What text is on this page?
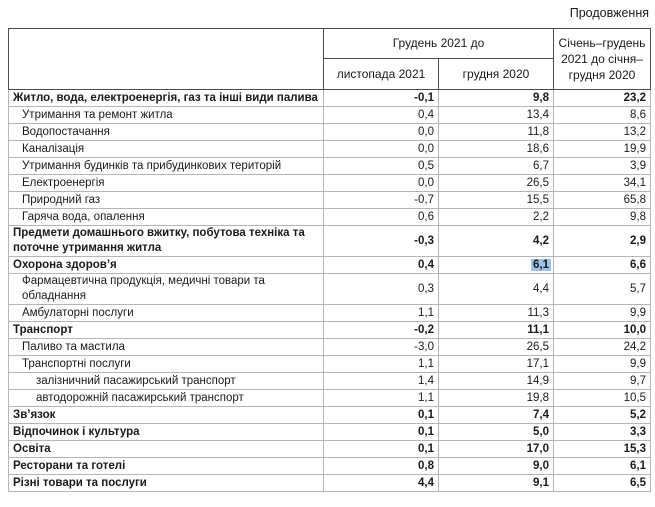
Продовження
	Грудень 2021 до		Січень–грудень 2021 до січня–грудня 2020
	листопада 2021	грудня 2020	
Житло, вода, електроенергія, газ та інші види палива	-0,1	9,8	23,2
Утримання та ремонт житла	0,4	13,4	8,6
Водопостачання	0,0	11,8	13,2
Каналізація	0,0	18,6	19,9
Утримання будинків та прибудинкових територій	0,5	6,7	3,9
Електроенергія	0,0	26,5	34,1
Природний газ	-0,7	15,5	65,8
Гаряча вода, опалення	0,6	2,2	9,8
Предмети домашнього вжитку, побутова техніка та поточне утримання житла	-0,3	4,2	2,9
Охорона здоров’я	0,4	6,1	6,6
Фармацевтична продукція, медичні товари та обладнання	0,3	4,4	5,7
Амбулаторні послуги	1,1	11,3	9,9
Транспорт	-0,2	11,1	10,0
Паливо та мастила	-3,0	26,5	24,2
Транспортні послуги	1,1	17,1	9,9
залізничний пасажирський транспорт	1,4	14,9	9,7
автодорожній пасажирський транспорт	1,1	19,8	10,5
Зв’язок	0,1	7,4	5,2
Відпочинок і культура	0,1	5,0	3,3
Освіта	0,1	17,0	15,3
Ресторани та готелі	0,8	9,0	6,1
Різні товари та послуги	4,4	9,1	6,5
